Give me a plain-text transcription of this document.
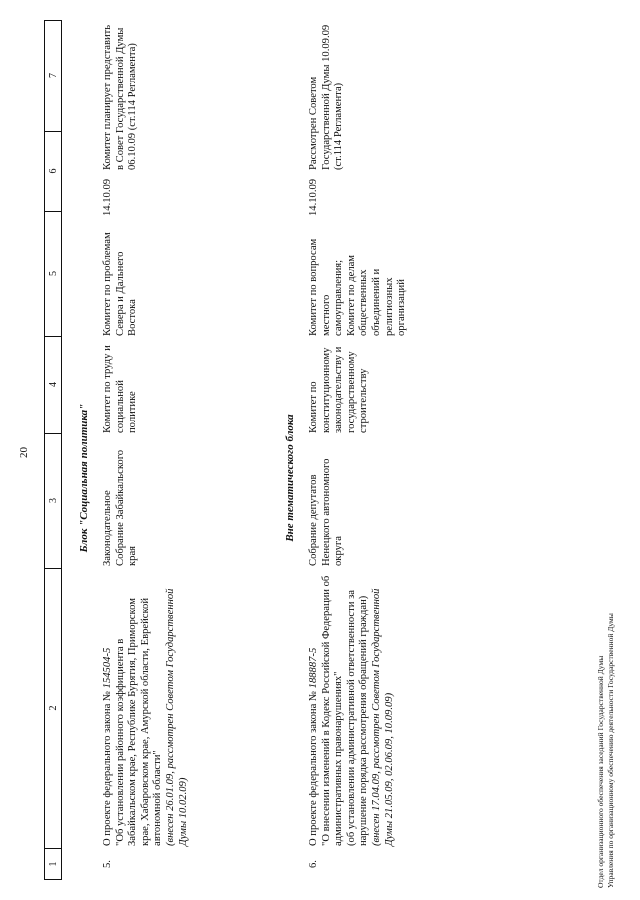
20
1
2
3
4
5
6
7
Блок "Социальная политика"
5.
О проекте федерального закона № 154504-5 "Об установлении районного коэффициента в Забайкальском крае, Республике Бурятия, Приморском крае, Хабаровском крае, Амурской области, Еврейской автономной области" (внесен 26.01.09, рассмотрен Советом Государственной Думы 10.02.09)
Законодательное Собрание Забайкальского края
Комитет по труду и социальной политике
Комитет по проблемам Севера и Дальнего Востока
14.10.09
Комитет планирует представить в Совет Государственной Думы 06.10.09 (ст.114 Регламента)
Вне тематического блока
6.
О проекте федерального закона № 188887-5 "О внесении изменений в Кодекс Российской Федерации об административных правонарушениях" (об установлении административной ответственности за нарушение порядка рассмотрения обращений граждан) (внесен 17.04.09, рассмотрен Советом Государственной Думы 21.05.09, 02.06.09, 10.09.09)
Собрание депутатов Ненецкого автономного округа
Комитет по конституционному законодательству и государственному строительству
Комитет по вопросам местного самоуправления; Комитет по делам общественных объединений и религиозных организаций
14.10.09
Рассмотрен Советом Государственной Думы 10.09.09 (ст.114 Регламента)
Отдел организационного обеспечения заседаний Государственной Думы Управления по организационному обеспечению деятельности Государственной Думы
